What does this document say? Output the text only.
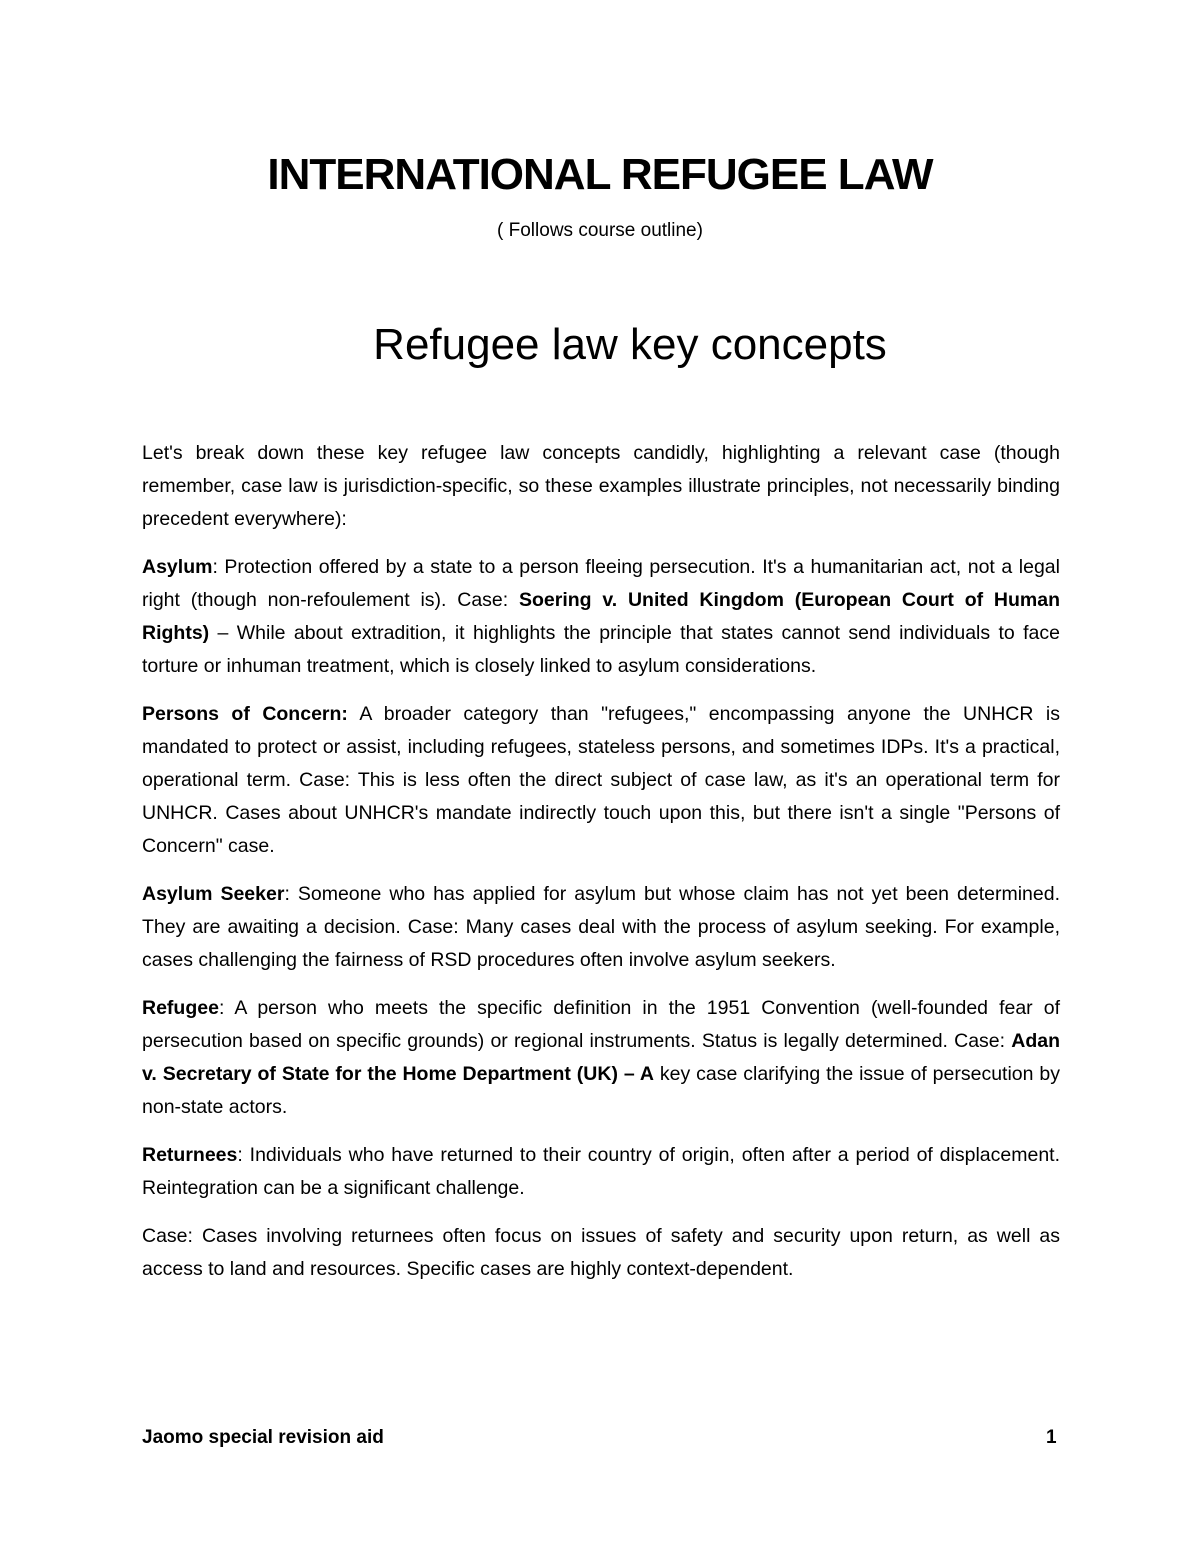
INTERNATIONAL REFUGEE LAW
( Follows course outline)
Refugee law key concepts

Let's break down these key refugee law concepts candidly, highlighting a relevant case (though remember, case law is jurisdiction-specific, so these examples illustrate principles, not necessarily binding precedent everywhere):

Asylum: Protection offered by a state to a person fleeing persecution. It's a humanitarian act, not a legal right (though non-refoulement is). Case: Soering v. United Kingdom (European Court of Human Rights) – While about extradition, it highlights the principle that states cannot send individuals to face torture or inhuman treatment, which is closely linked to asylum considerations.

Persons of Concern: A broader category than "refugees," encompassing anyone the UNHCR is mandated to protect or assist, including refugees, stateless persons, and sometimes IDPs. It's a practical, operational term. Case: This is less often the direct subject of case law, as it's an operational term for UNHCR. Cases about UNHCR's mandate indirectly touch upon this, but there isn't a single "Persons of Concern" case.

Asylum Seeker: Someone who has applied for asylum but whose claim has not yet been determined. They are awaiting a decision. Case: Many cases deal with the process of asylum seeking. For example, cases challenging the fairness of RSD procedures often involve asylum seekers.

Refugee: A person who meets the specific definition in the 1951 Convention (well-founded fear of persecution based on specific grounds) or regional instruments. Status is legally determined. Case: Adan v. Secretary of State for the Home Department (UK) – A key case clarifying the issue of persecution by non-state actors.

Returnees: Individuals who have returned to their country of origin, often after a period of displacement. Reintegration can be a significant challenge.

Case: Cases involving returnees often focus on issues of safety and security upon return, as well as access to land and resources. Specific cases are highly context-dependent.

Jaomo special revision aid	1
